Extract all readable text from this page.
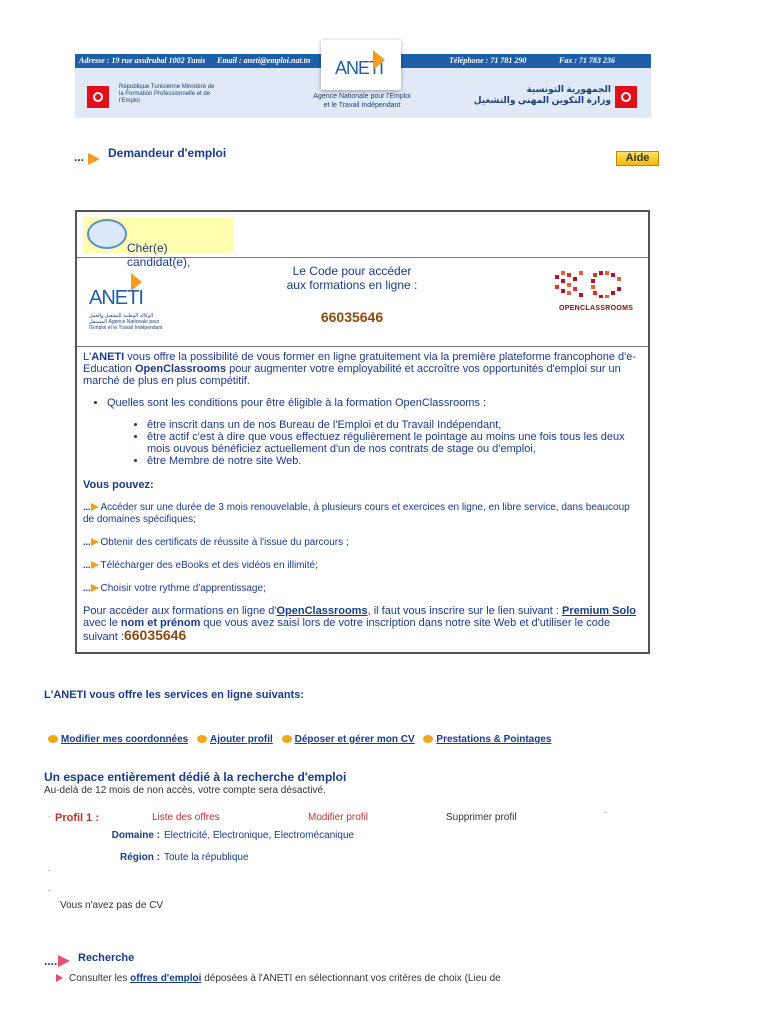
Adresse : 19 rue assdrubal 1002 Tunis Email : aneti@emploi.nat.tn	Téléphone : 71 781 290	Fax : 71 783 236
République Tunisienne Ministère de la Formation Professionnelle et de l'Emploi
الجمهورية التونسية
وزارة التكوين المهني والتشغيل
ANETI
Agence Nationale pour l'Emploi
et le Travail Indépendant
... Demandeur d'emploi	Aide
Chèr(e) candidat(e),
ANETI
الوكالة الوطنية للتشغيل والعمل المستقل Agence Nationale pour l'Emploi et le Travail Indépendant
Le Code pour accéder
aux formations en ligne :
66035646
OPENCLASSROOMS
L'ANETI vous offre la possibilité de vous former en ligne gratuitement via la première plateforme francophone d'e-Education OpenClassrooms pour augmenter votre employabilité et accroître vos opportunités d'emploi sur un marché de plus en plus compétitif.
• Quelles sont les conditions pour être éligible à la formation OpenClassrooms :
• être inscrit dans un de nos Bureau de l'Emploi et du Travail Indépendant,
• être actif c'est à dire que vous effectuez régulièrement le pointage au moins une fois tous les deux mois ouvous bénéficiez actuellement d'un de nos contrats de stage ou d'emploi,
• être Membre de notre site Web.
Vous pouvez:
... Accéder sur une durée de 3 mois renouvelable, à plusieurs cours et exercices en ligne, en libre service, dans beaucoup de domaines spécifiques;
... Obtenir des certificats de réussite à l'issue du parcours ;
... Télécharger des eBooks et des vidéos en illimité;
... Choisir votre rythme d'apprentissage;
Pour accéder aux formations en ligne d'OpenClassrooms, il faut vous inscrire sur le lien suivant : Premium Solo avec le nom et prénom que vous avez saisi lors de votre inscription dans notre site Web et d'utiliser le code suivant :66035646
L'ANETI vous offre les services en ligne suivants:
Modifier mes coordonnées Ajouter profil Déposer et gérer mon CV Prestations & Pointages
Un espace entièrement dédié à la recherche d'emploi
Au-delà de 12 mois de non accès, votre compte sera désactivé.
.	.
Profil 1 :	Liste des offres	Modifier profil	Supprimer profil
Domaine : Electricité, Electronique, Electromécanique
Région : Toute la république
.
.
Vous n'avez pas de CV
.... Recherche
Consulter les offres d'emploi déposées à l'ANETI en sélectionnant vos critères de choix (Lieu de
